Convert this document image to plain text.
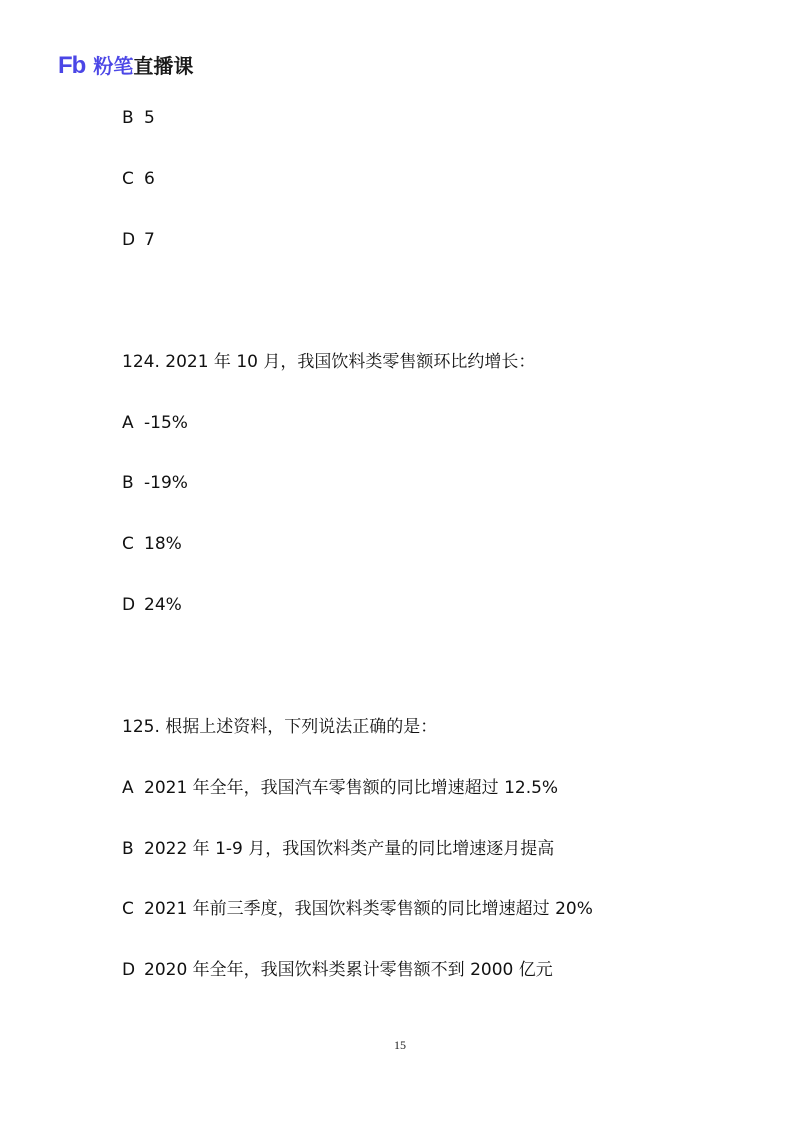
Fb 粉笔直播课
B 5
C 6
D 7
124. 2021 年 10 月，我国饮料类零售额环比约增长：
A -15%
B -19%
C 18%
D 24%
125. 根据上述资料，下列说法正确的是：
A 2021 年全年，我国汽车零售额的同比增速超过 12.5%
B 2022 年 1-9 月，我国饮料类产量的同比增速逐月提高
C 2021 年前三季度，我国饮料类零售额的同比增速超过 20%
D 2020 年全年，我国饮料类累计零售额不到 2000 亿元
15
